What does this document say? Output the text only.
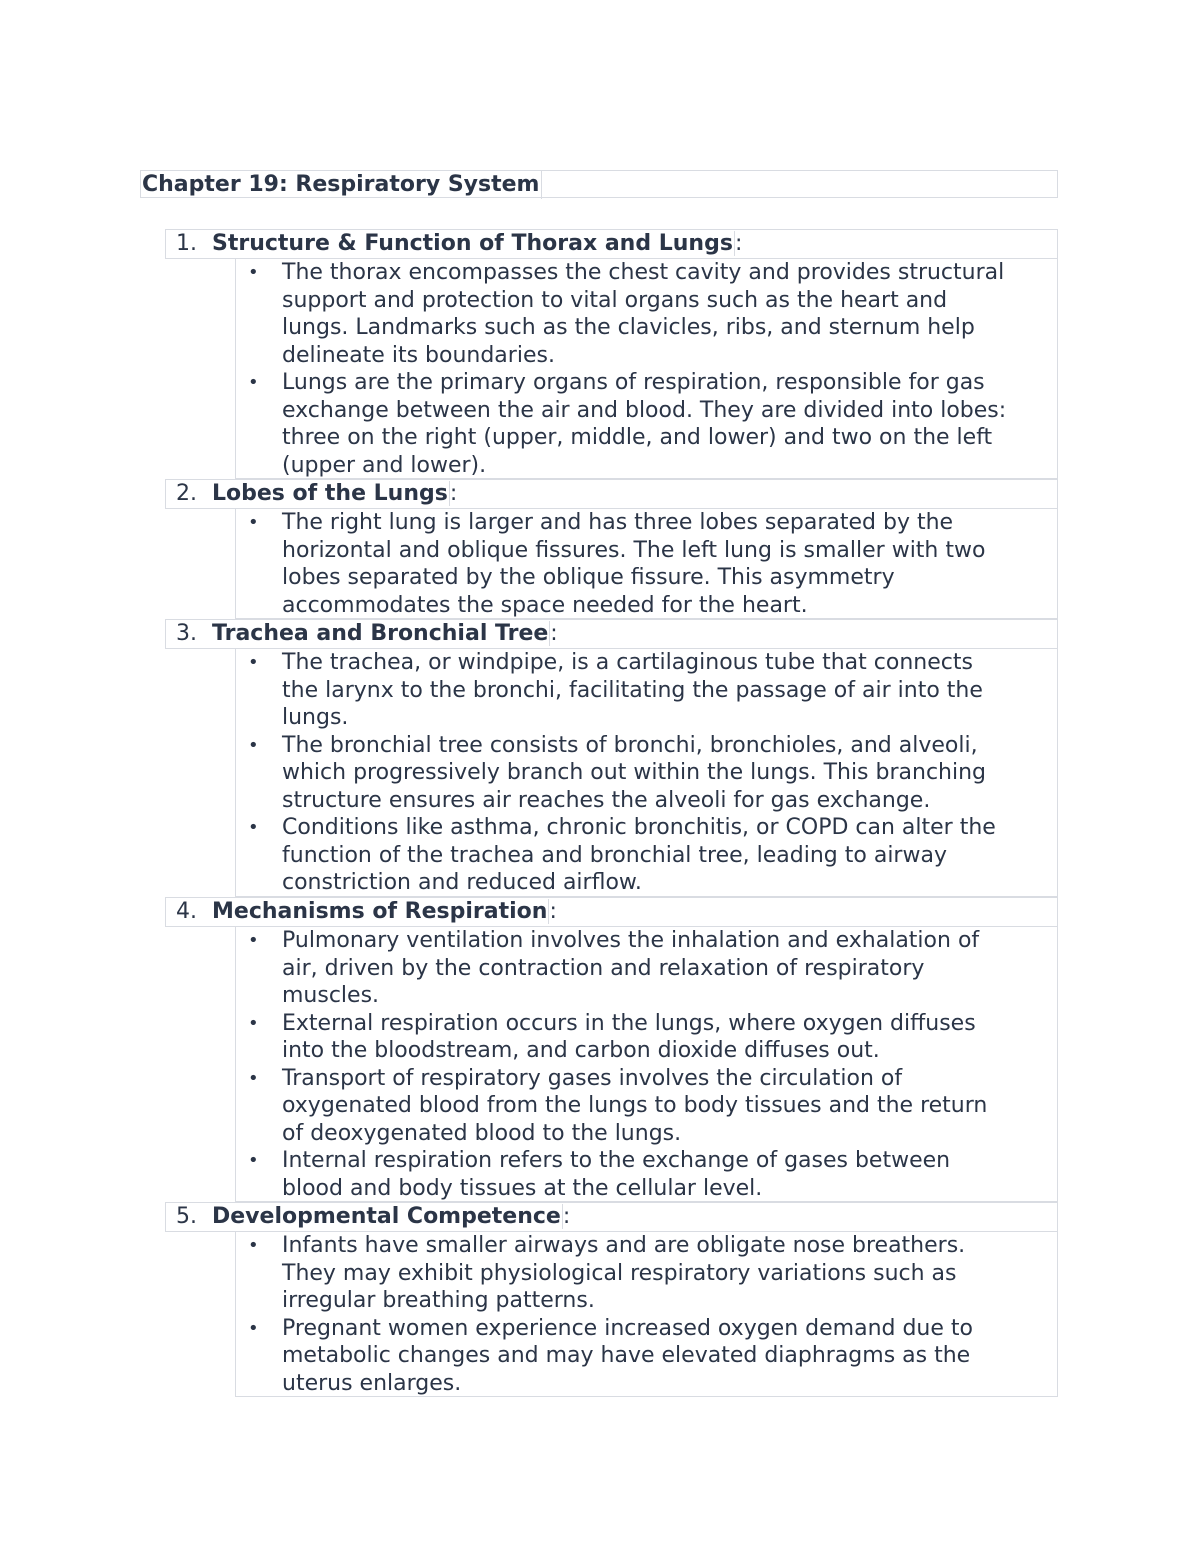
Chapter 19: Respiratory System
1. Structure & Function of Thorax and Lungs:
• The thorax encompasses the chest cavity and provides structural
support and protection to vital organs such as the heart and
lungs. Landmarks such as the clavicles, ribs, and sternum help
delineate its boundaries.
• Lungs are the primary organs of respiration, responsible for gas
exchange between the air and blood. They are divided into lobes:
three on the right (upper, middle, and lower) and two on the left
(upper and lower).
2. Lobes of the Lungs:
• The right lung is larger and has three lobes separated by the
horizontal and oblique fissures. The left lung is smaller with two
lobes separated by the oblique fissure. This asymmetry
accommodates the space needed for the heart.
3. Trachea and Bronchial Tree:
• The trachea, or windpipe, is a cartilaginous tube that connects
the larynx to the bronchi, facilitating the passage of air into the
lungs.
• The bronchial tree consists of bronchi, bronchioles, and alveoli,
which progressively branch out within the lungs. This branching
structure ensures air reaches the alveoli for gas exchange.
• Conditions like asthma, chronic bronchitis, or COPD can alter the
function of the trachea and bronchial tree, leading to airway
constriction and reduced airflow.
4. Mechanisms of Respiration:
• Pulmonary ventilation involves the inhalation and exhalation of
air, driven by the contraction and relaxation of respiratory
muscles.
• External respiration occurs in the lungs, where oxygen diffuses
into the bloodstream, and carbon dioxide diffuses out.
• Transport of respiratory gases involves the circulation of
oxygenated blood from the lungs to body tissues and the return
of deoxygenated blood to the lungs.
• Internal respiration refers to the exchange of gases between
blood and body tissues at the cellular level.
5. Developmental Competence:
• Infants have smaller airways and are obligate nose breathers.
They may exhibit physiological respiratory variations such as
irregular breathing patterns.
• Pregnant women experience increased oxygen demand due to
metabolic changes and may have elevated diaphragms as the
uterus enlarges.
